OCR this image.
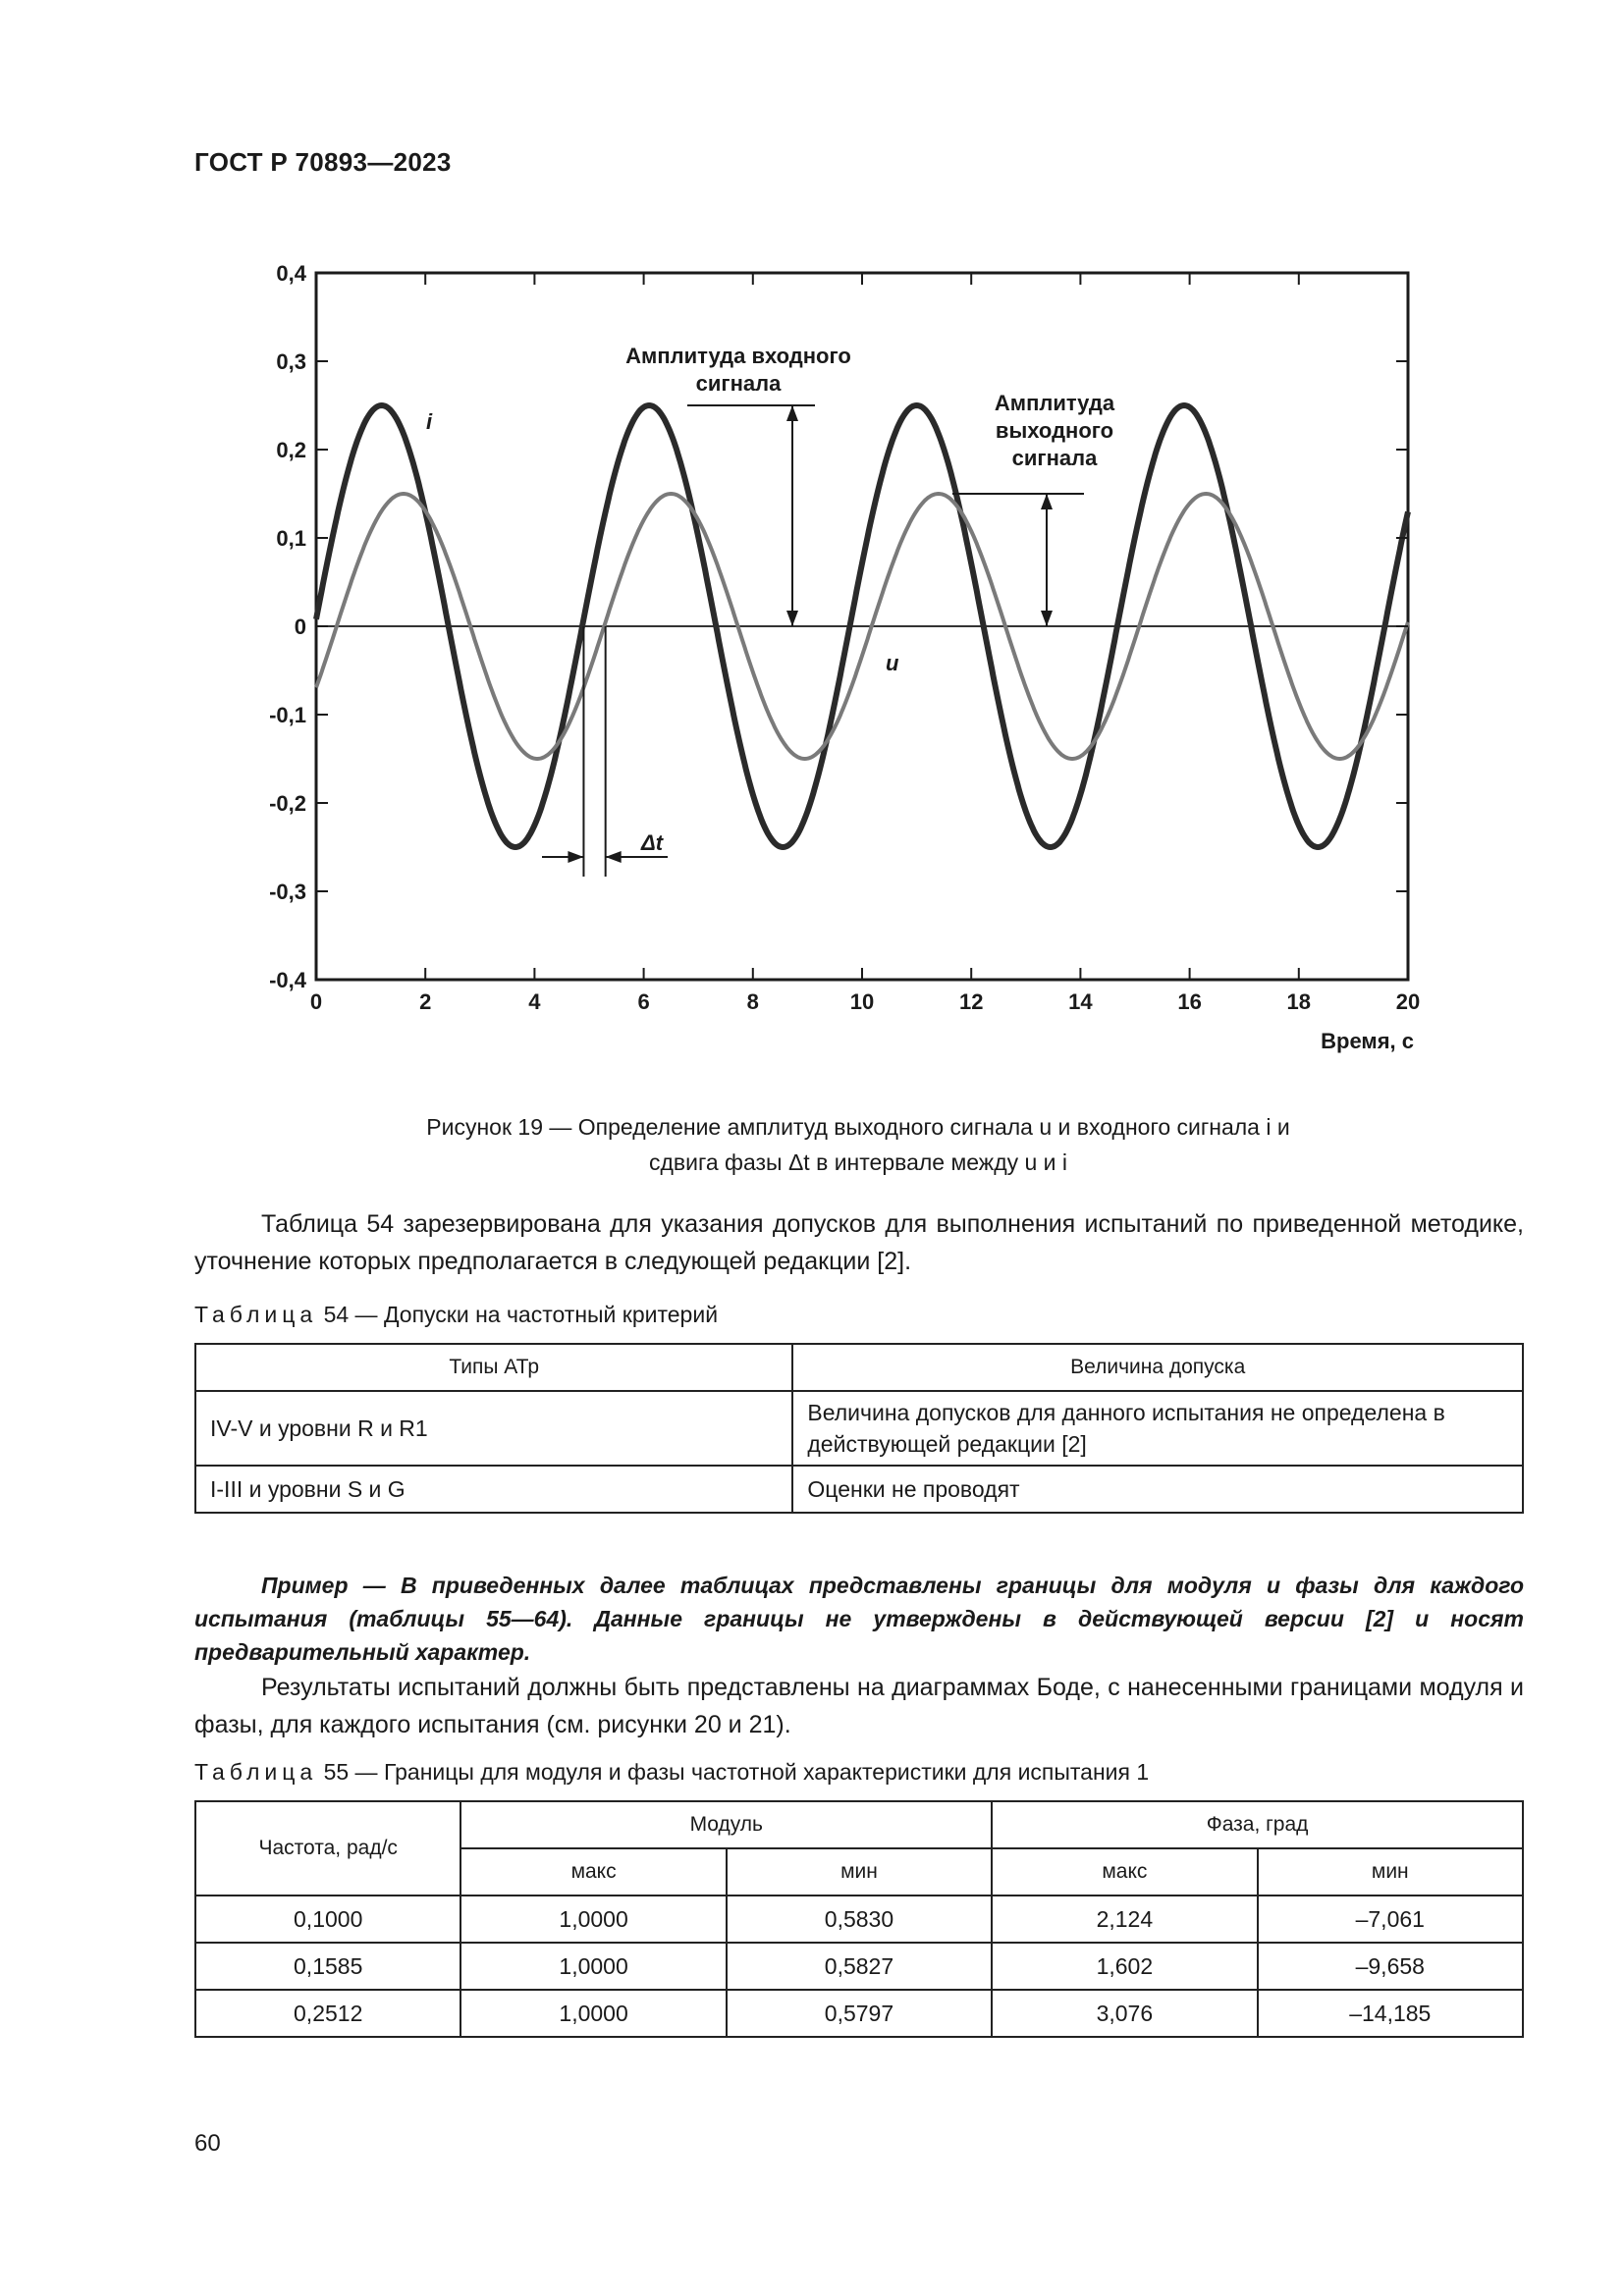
ГОСТ Р 70893—2023
0	2	4	6	8	10	12	14	16	18	20
0,4
0,3
0,2
0,1
0
-0,1
-0,2
-0,3
-0,4
Амплитуда входного
сигнала
Амплитуда
выходного
сигнала
i
u
Δt
Время, с
Рисунок 19 — Определение амплитуд выходного сигнала u и входного сигнала i и
сдвига фазы Δt в интервале между u и i
Таблица 54 зарезервирована для указания допусков для выполнения испытаний по приведенной методике, уточнение которых предполагается в следующей редакции [2].
Таблица 54 — Допуски на частотный критерий
Типы АТр	Величина допуска
IV-V и уровни R и R1	Величина допусков для данного испытания не определена в действующей редакции [2]
I-III и уровни S и G	Оценки не проводят
Пример — В приведенных далее таблицах представлены границы для модуля и фазы для каждого испытания (таблицы 55—64). Данные границы не утверждены в действующей версии [2] и носят предварительный характер.
Результаты испытаний должны быть представлены на диаграммах Боде, с нанесенными границами модуля и фазы, для каждого испытания (см. рисунки 20 и 21).
Таблица 55 — Границы для модуля и фазы частотной характеристики для испытания 1
Частота, рад/с	Модуль		Фаза, град	
	макс	мин	макс	мин
0,1000	1,0000	0,5830	2,124	–7,061
0,1585	1,0000	0,5827	1,602	–9,658
0,2512	1,0000	0,5797	3,076	–14,185
60
